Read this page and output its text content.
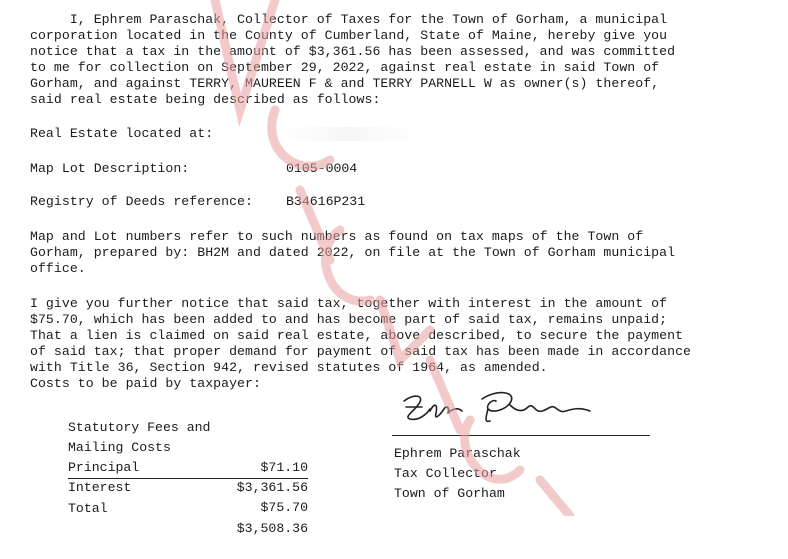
I, Ephrem Paraschak, Collector of Taxes for the Town of Gorham, a municipal
corporation located in the County of Cumberland, State of Maine, hereby give you
notice that a tax in the amount of $3,361.56 has been assessed, and was committed
to me for collection on September 29, 2022, against real estate in said Town of
Gorham, and against TERRY, MAUREEN F & and TERRY PARNELL W as owner(s) thereof,
said real estate being described as follows:
Real Estate located at:
Map Lot Description:	0105-0004
Registry of Deeds reference:	B34616P231
Map and Lot numbers refer to such numbers as found on tax maps of the Town of
Gorham, prepared by: BH2M and dated 2022, on file at the Town of Gorham municipal
office.
I give you further notice that said tax, together with interest in the amount of
$75.70, which has been added to and has become part of said tax, remains unpaid;
That a lien is claimed on said real estate, above described, to secure the payment
of said tax; that proper demand for payment of said tax has been made in accordance
with Title 36, Section 942, revised statutes of 1964, as amended.
Costs to be paid by taxpayer:

Statutory Fees and

Mailing Costs

$71.10

Principal

$3,361.56

Interest

$75.70

Total

$3,508.36

Ephrem Paraschak
Tax Collector
Town of Gorham
